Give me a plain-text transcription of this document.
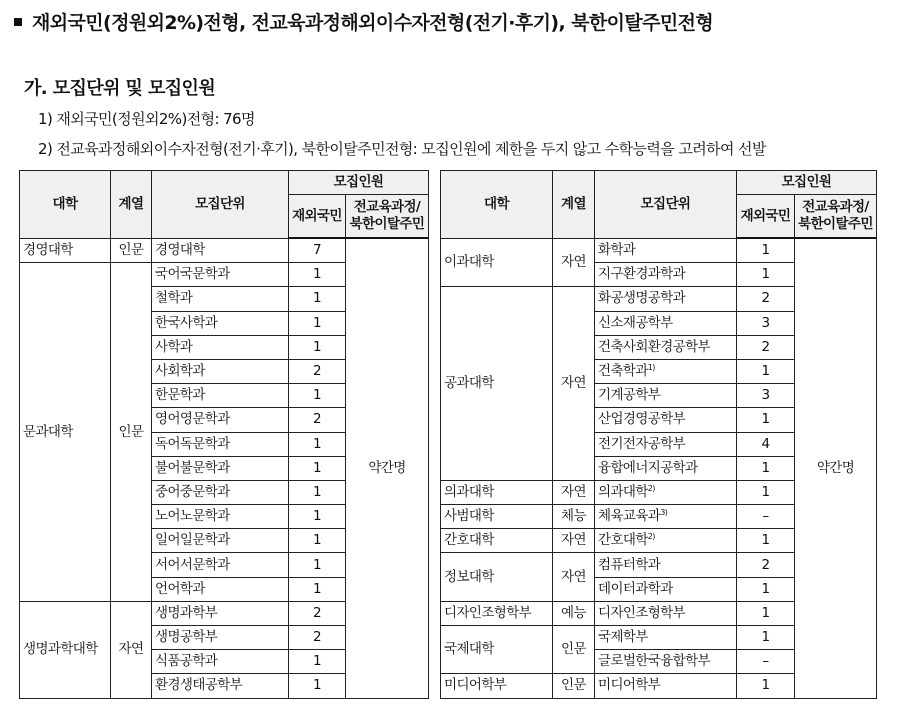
재외국민(정원외2%)전형, 전교육과정해외이수자전형(전기·후기), 북한이탈주민전형
가. 모집단위 및 모집인원
1) 재외국민(정원외2%)전형: 76명
2) 전교육과정해외이수자전형(전기·후기), 북한이탈주민전형: 모집인원에 제한을 두지 않고 수학능력을 고려하여 선발
대학	계열	모집단위	모집인원	
			재외국민	전교육과정/
북한이탈주민
경영대학	인문	경영대학	7	약간명
문과대학	인문	국어국문학과	1	
		철학과	1	
		한국사학과	1	
		사학과	1	
		사회학과	2	
		한문학과	1	
		영어영문학과	2	
		독어독문학과	1	
		불어불문학과	1	
		중어중문학과	1	
		노어노문학과	1	
		일어일문학과	1	
		서어서문학과	1	
		언어학과	1	
생명과학대학	자연	생명과학부	2	
		생명공학부	2	
		식품공학과	1	
		환경생태공학부	1	
대학	계열	모집단위	모집인원	
			재외국민	전교육과정/
북한이탈주민
이과대학	자연	화학과	1	약간명
		지구환경과학과	1	
공과대학	자연	화공생명공학과	2	
		신소재공학부	3	
		건축사회환경공학부	2	
		건축학과$^{1)}$	1	
		기계공학부	3	
		산업경영공학부	1	
		전기전자공학부	4	
		융합에너지공학과	1	
의과대학	자연	의과대학$^{2)}$	1	
사범대학	체능	체육교육과$^{3)}$	–	
간호대학	자연	간호대학$^{2)}$	1	
정보대학	자연	컴퓨터학과	2	
		데이터과학과	1	
디자인조형학부	예능	디자인조형학부	1	
국제대학	인문	국제학부	1	
		글로벌한국융합학부	–	
미디어학부	인문	미디어학부	1	
